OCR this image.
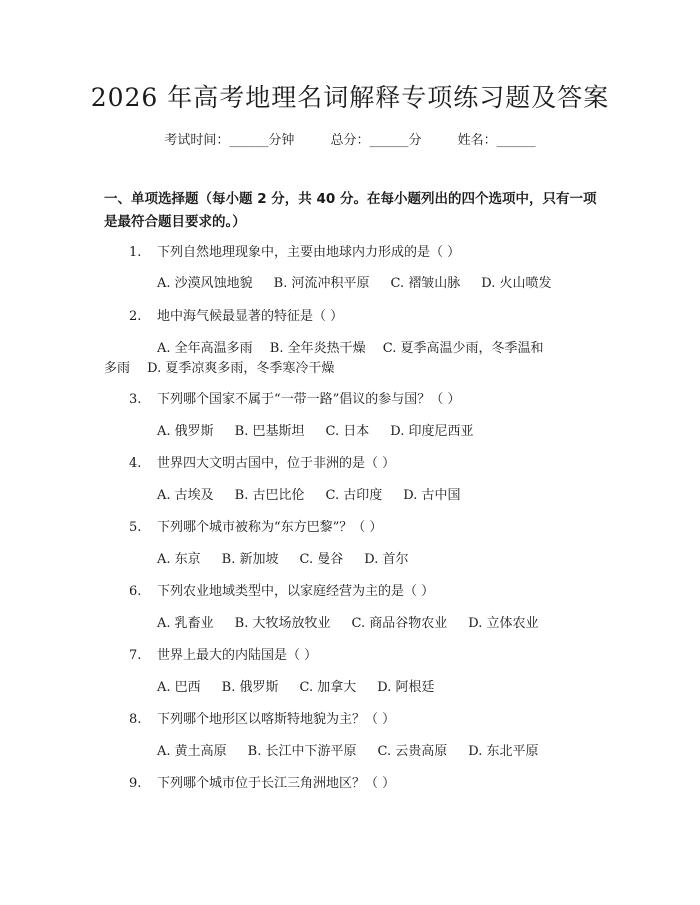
2026 年高考地理名词解释专项练习题及答案
考试时间：______分钟	总分：______分	姓名：______
一、单项选择题（每小题 2 分，共 40 分。在每小题列出的四个选项中，只有一项
是最符合题目要求的。）
1. 下列自然地理现象中，主要由地球内力形成的是（ ）
A. 沙漠风蚀地貌 B. 河流冲积平原 C. 褶皱山脉 D. 火山喷发
2. 地中海气候最显著的特征是（ ）
A. 全年高温多雨　 B. 全年炎热干燥　 C. 夏季高温少雨，冬季温和
多雨　 D. 夏季凉爽多雨，冬季寒冷干燥
3. 下列哪个国家不属于“一带一路”倡议的参与国？（ ）
A. 俄罗斯 B. 巴基斯坦 C. 日本 D. 印度尼西亚
4. 世界四大文明古国中，位于非洲的是（ ）
A. 古埃及 B. 古巴比伦 C. 古印度 D. 古中国
5. 下列哪个城市被称为“东方巴黎”？（ ）
A. 东京 B. 新加坡 C. 曼谷 D. 首尔
6. 下列农业地域类型中，以家庭经营为主的是（ ）
A. 乳畜业 B. 大牧场放牧业 C. 商品谷物农业 D. 立体农业
7. 世界上最大的内陆国是（ ）
A. 巴西 B. 俄罗斯 C. 加拿大 D. 阿根廷
8. 下列哪个地形区以喀斯特地貌为主？（ ）
A. 黄土高原 B. 长江中下游平原 C. 云贵高原 D. 东北平原
9. 下列哪个城市位于长江三角洲地区？（ ）
